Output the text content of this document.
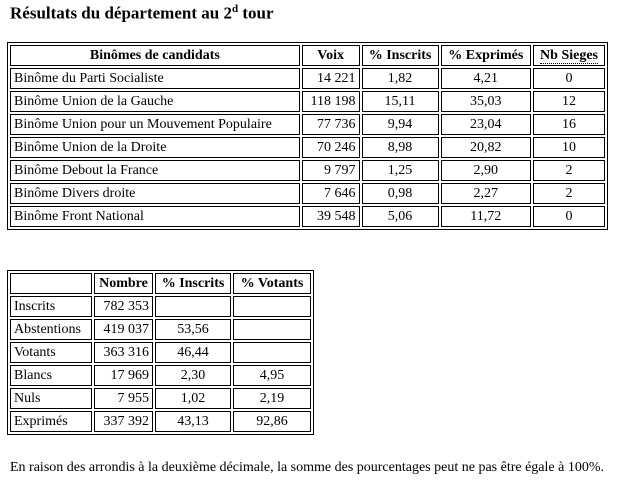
Résultats du département au 2$^d$ tour
Binômes de candidats	Voix	% Inscrits	% Exprimés	Nb Sieges
Binôme du Parti Socialiste	14 221	1,82	4,21	0
Binôme Union de la Gauche	118 198	15,11	35,03	12
Binôme Union pour un Mouvement Populaire	77 736	9,94	23,04	16
Binôme Union de la Droite	70 246	8,98	20,82	10
Binôme Debout la France	9 797	1,25	2,90	2
Binôme Divers droite	7 646	0,98	2,27	2
Binôme Front National	39 548	5,06	11,72	0
	Nombre	% Inscrits	% Votants
Inscrits	782 353		
Abstentions	419 037	53,56	
Votants	363 316	46,44	
Blancs	17 969	2,30	4,95
Nuls	7 955	1,02	2,19
Exprimés	337 392	43,13	92,86
En raison des arrondis à la deuxième décimale, la somme des pourcentages peut ne pas être égale à 100%.
